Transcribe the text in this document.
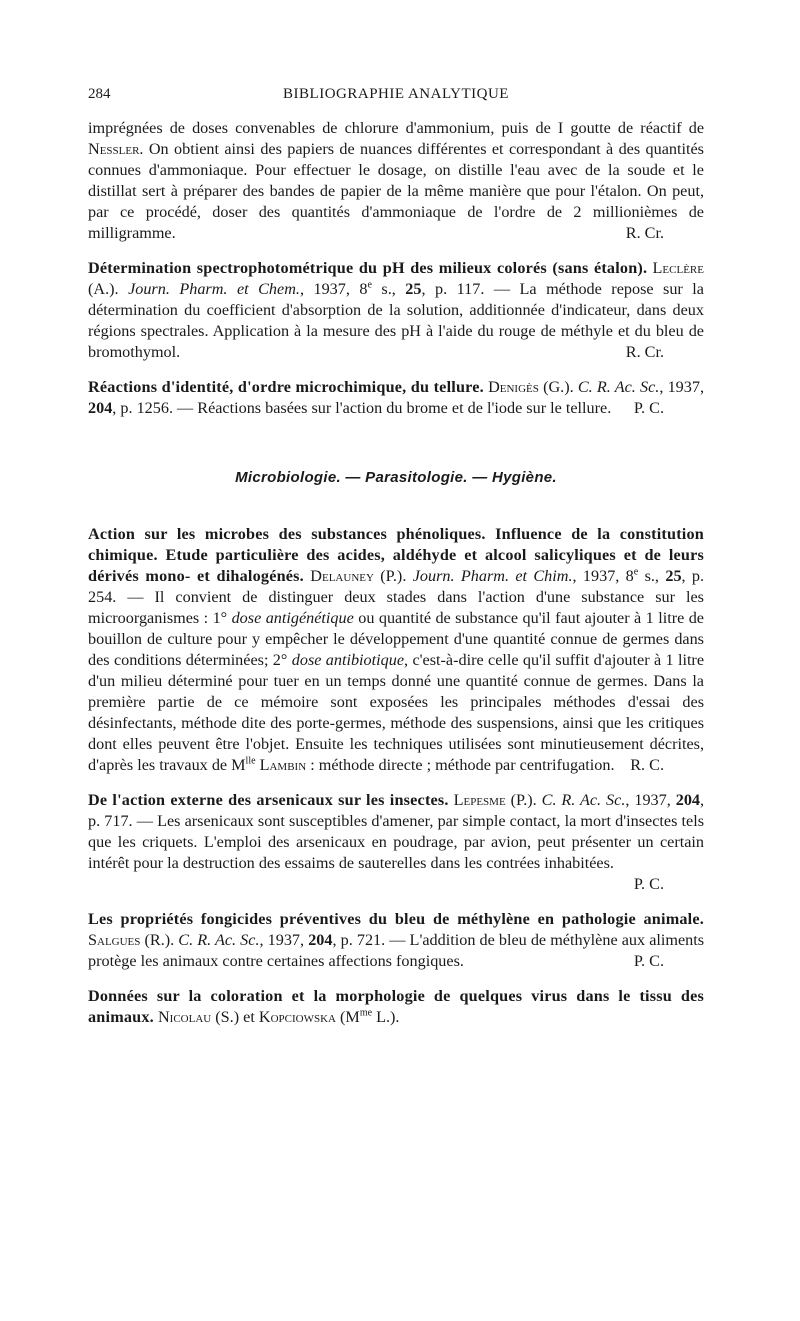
284	BIBLIOGRAPHIE ANALYTIQUE

imprégnées de doses convenables de chlorure d'ammonium, puis de I goutte de réactif de Nessler. On obtient ainsi des papiers de nuances différentes et correspondant à des quantités connues d'ammoniaque. Pour effectuer le dosage, on distille l'eau avec de la soude et le distillat sert à préparer des bandes de papier de la même manière que pour l'étalon. On peut, par ce procédé, doser des quantités d'ammoniaque de l'ordre de 2 millionièmes de milligramme.	R. Cr.

Détermination spectrophotométrique du pH des milieux colorés (sans étalon). Leclère (A.). Journ. Pharm. et Chem., 1937, 8e s., 25, p. 117. — La méthode repose sur la détermination du coefficient d'absorption de la solution, additionnée d'indicateur, dans deux régions spectrales. Application à la mesure des pH à l'aide du rouge de méthyle et du bleu de bromothymol.	R. Cr.

Réactions d'identité, d'ordre microchimique, du tellure. Denigès (G.). C. R. Ac. Sc., 1937, 204, p. 1256. — Réactions basées sur l'action du brome et de l'iode sur le tellure. P. C.

Microbiologie. — Parasitologie. — Hygiène.

Action sur les microbes des substances phénoliques. Influence de la constitution chimique. Etude particulière des acides, aldéhyde et alcool salicyliques et de leurs dérivés mono- et dihalogénés. Delauney (P.). Journ. Pharm. et Chim., 1937, 8e s., 25, p. 254. — Il convient de distinguer deux stades dans l'action d'une substance sur les microorganismes : 1° dose antigénétique ou quantité de substance qu'il faut ajouter à 1 litre de bouillon de culture pour y empêcher le développement d'une quantité connue de germes dans des conditions déterminées; 2° dose antibiotique, c'est-à-dire celle qu'il suffit d'ajouter à 1 litre d'un milieu déterminé pour tuer en un temps donné une quantité connue de germes. Dans la première partie de ce mémoire sont exposées les principales méthodes d'essai des désinfectants, méthode dite des porte-germes, méthode des suspensions, ainsi que les critiques dont elles peuvent être l'objet. Ensuite les techniques utilisées sont minutieusement décrites, d'après les travaux de $M^{lle}$ Lambin : méthode directe ; méthode par centrifugation. R. C.

De l'action externe des arsenicaux sur les insectes. Lepesme (P.). C. R. Ac. Sc., 1937, 204, p. 717. — Les arsenicaux sont susceptibles d'amener, par simple contact, la mort d'insectes tels que les criquets. L'emploi des arsenicaux en poudrage, par avion, peut présenter un certain intérêt pour la destruction des essaims de sauterelles dans les contrées inhabitées.

P. C.

Les propriétés fongicides préventives du bleu de méthylène en pathologie animale. Salgues (R.). C. R. Ac. Sc., 1937, 204, p. 721. — L'addition de bleu de méthylène aux aliments protège les animaux contre certaines affections fongiques.	P. C.

Données sur la coloration et la morphologie de quelques virus dans le tissu des animaux. Nicolau (S.) et Kopciowska ($M^{me}$ L.).
